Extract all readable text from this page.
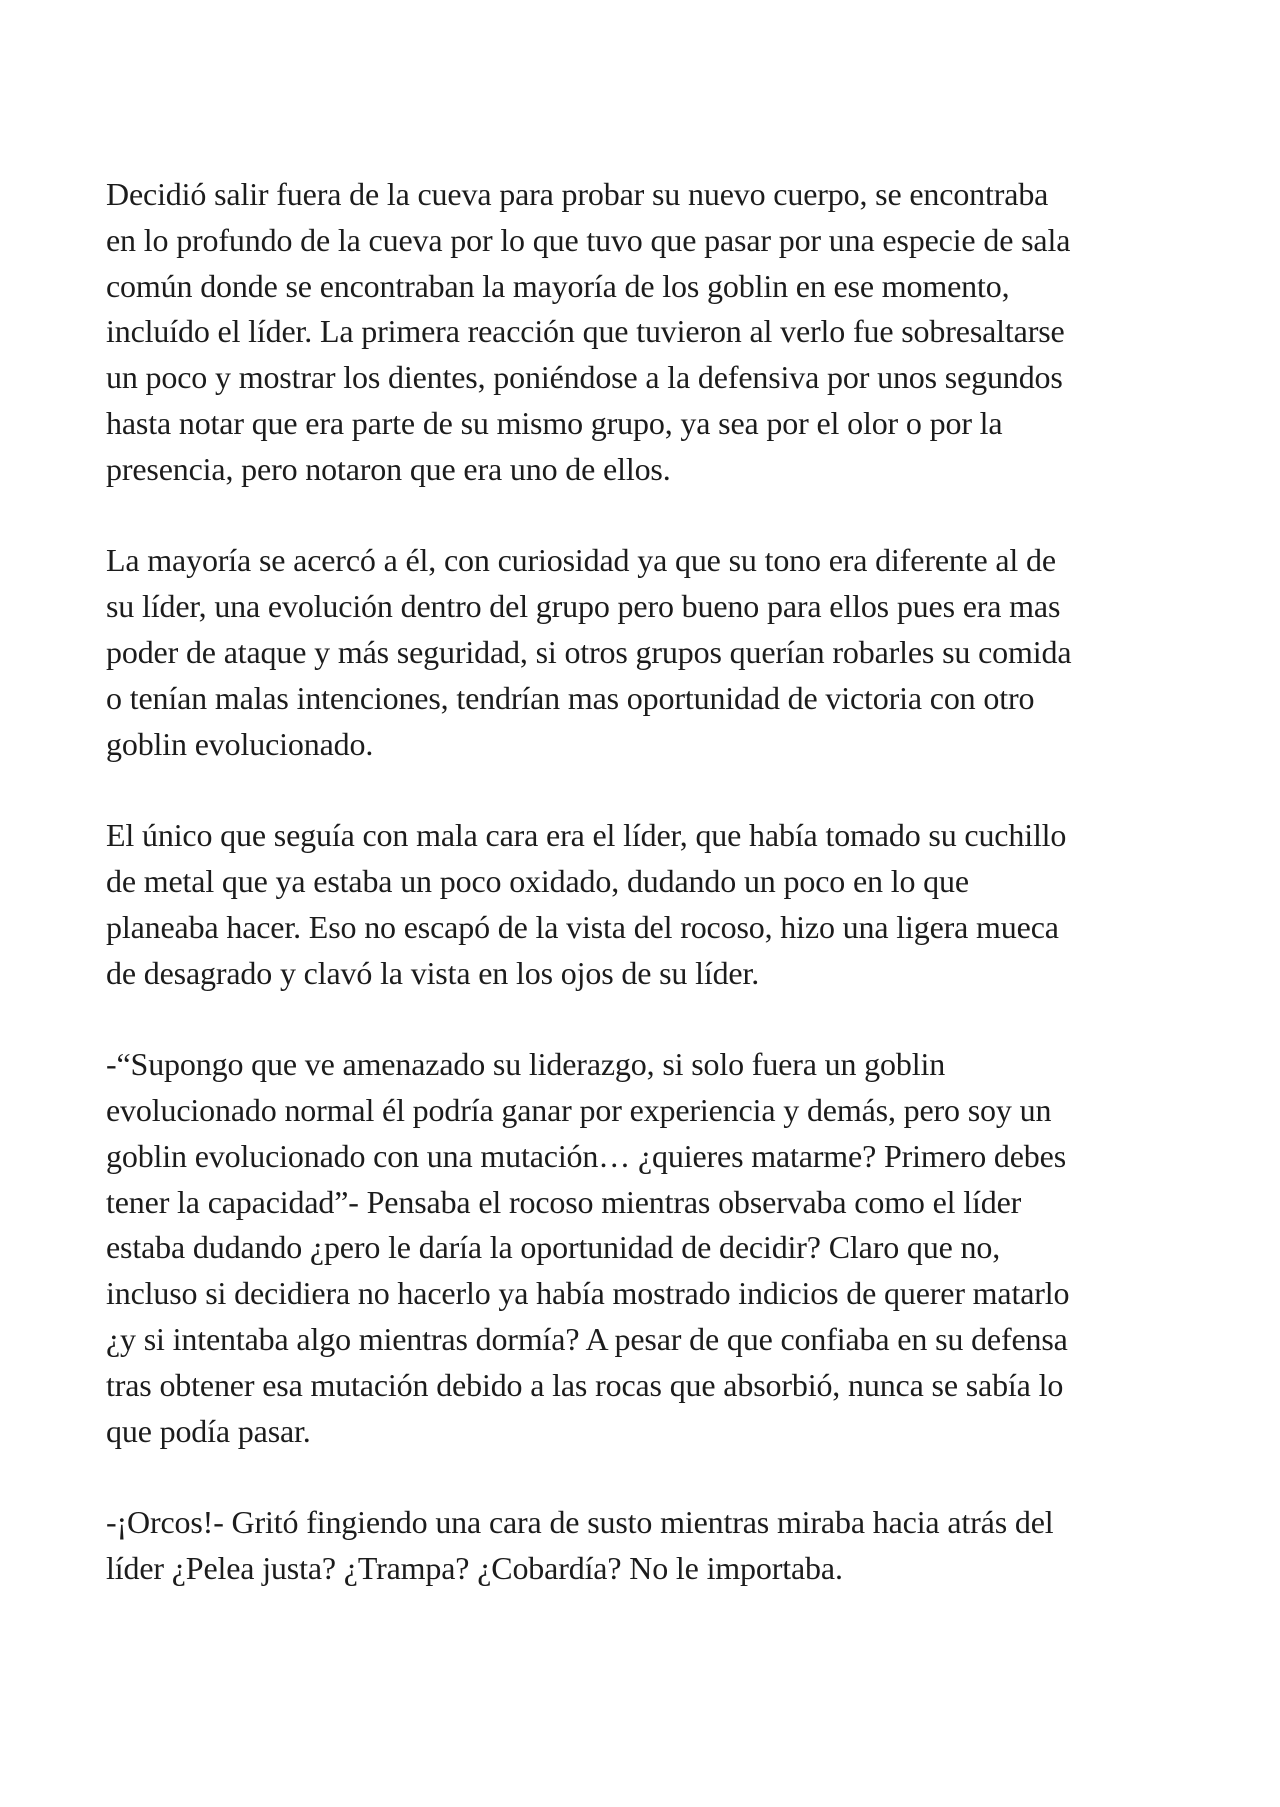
Decidió salir fuera de la cueva para probar su nuevo cuerpo, se encontraba
en lo profundo de la cueva por lo que tuvo que pasar por una especie de sala
común donde se encontraban la mayoría de los goblin en ese momento,
incluído el líder. La primera reacción que tuvieron al verlo fue sobresaltarse
un poco y mostrar los dientes, poniéndose a la defensiva por unos segundos
hasta notar que era parte de su mismo grupo, ya sea por el olor o por la
presencia, pero notaron que era uno de ellos.

La mayoría se acercó a él, con curiosidad ya que su tono era diferente al de
su líder, una evolución dentro del grupo pero bueno para ellos pues era mas
poder de ataque y más seguridad, si otros grupos querían robarles su comida
o tenían malas intenciones, tendrían mas oportunidad de victoria con otro
goblin evolucionado.

El único que seguía con mala cara era el líder, que había tomado su cuchillo
de metal que ya estaba un poco oxidado, dudando un poco en lo que
planeaba hacer. Eso no escapó de la vista del rocoso, hizo una ligera mueca
de desagrado y clavó la vista en los ojos de su líder.

-“Supongo que ve amenazado su liderazgo, si solo fuera un goblin
evolucionado normal él podría ganar por experiencia y demás, pero soy un
goblin evolucionado con una mutación… ¿quieres matarme? Primero debes
tener la capacidad”- Pensaba el rocoso mientras observaba como el líder
estaba dudando ¿pero le daría la oportunidad de decidir? Claro que no,
incluso si decidiera no hacerlo ya había mostrado indicios de querer matarlo
¿y si intentaba algo mientras dormía? A pesar de que confiaba en su defensa
tras obtener esa mutación debido a las rocas que absorbió, nunca se sabía lo
que podía pasar.

-¡Orcos!- Gritó fingiendo una cara de susto mientras miraba hacia atrás del
líder ¿Pelea justa? ¿Trampa? ¿Cobardía? No le importaba.
